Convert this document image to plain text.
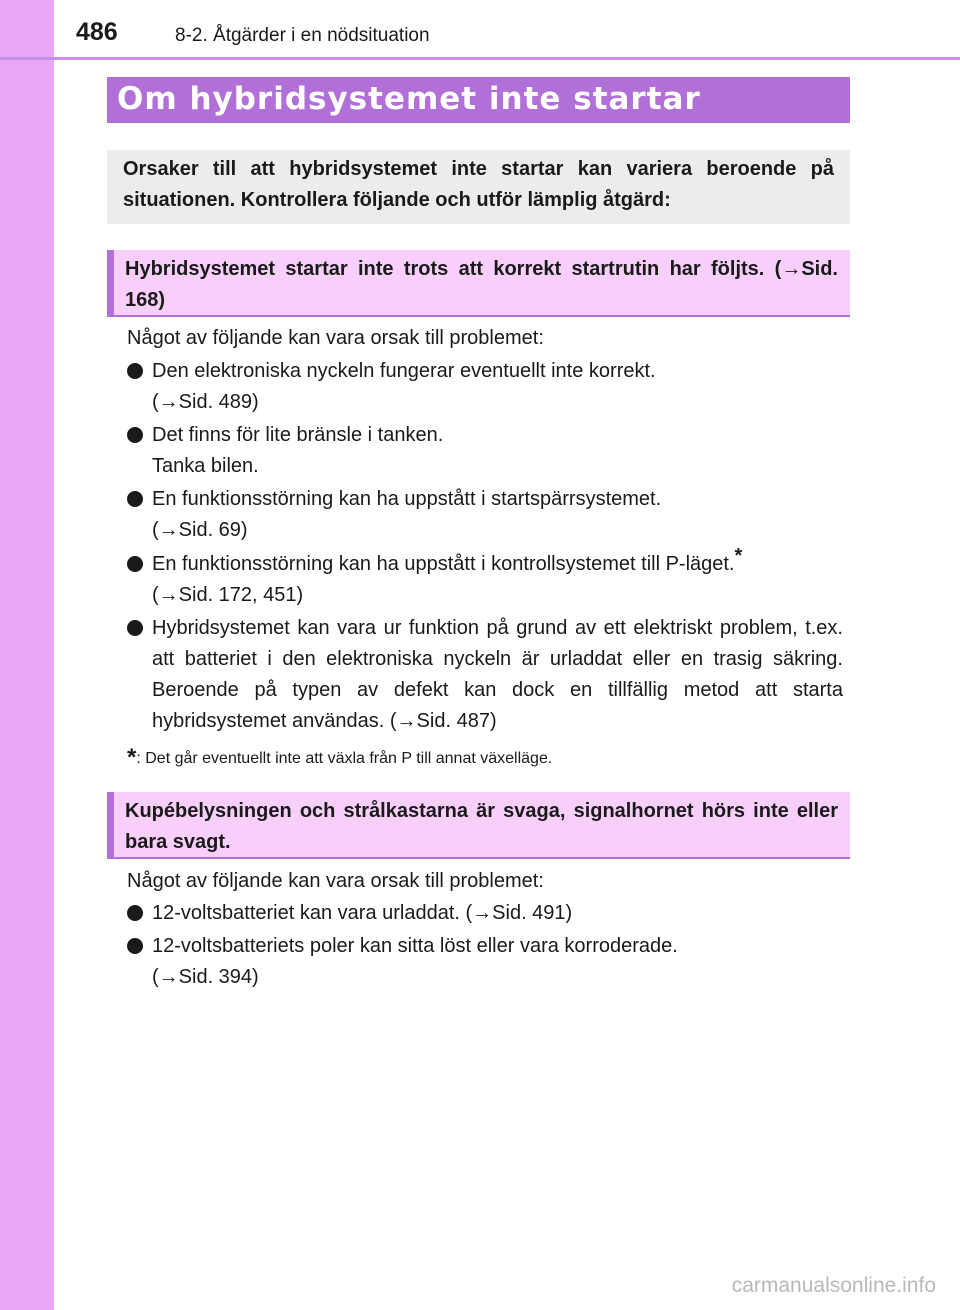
486	8-2. Åtgärder i en nödsituation
Om hybridsystemet inte startar

Orsaker till att hybridsystemet inte startar kan variera beroende på situationen. Kontrollera följande och utför lämplig åtgärd:

Hybridsystemet startar inte trots att korrekt startrutin har följts. (→Sid. 168)

Något av följande kan vara orsak till problemet:
Den elektroniska nyckeln fungerar eventuellt inte korrekt.
(→Sid. 489)
Det finns för lite bränsle i tanken.
Tanka bilen.
En funktionsstörning kan ha uppstått i startspärrsystemet.
(→Sid. 69)
En funktionsstörning kan ha uppstått i kontrollsystemet till P-läget.*
(→Sid. 172, 451)
Hybridsystemet kan vara ur funktion på grund av ett elektriskt problem, t.ex. att batteriet i den elektroniska nyckeln är urladdat eller en trasig säkring. Beroende på typen av defekt kan dock en tillfällig metod att starta hybridsystemet användas. (→Sid. 487)
*: Det går eventuellt inte att växla från P till annat växelläge.

Kupébelysningen och strålkastarna är svaga, signalhornet hörs inte eller bara svagt.

Något av följande kan vara orsak till problemet:
12-voltsbatteriet kan vara urladdat. (→Sid. 491)
12-voltsbatteriets poler kan sitta löst eller vara korroderade.
(→Sid. 394)
carmanualsonline.info
